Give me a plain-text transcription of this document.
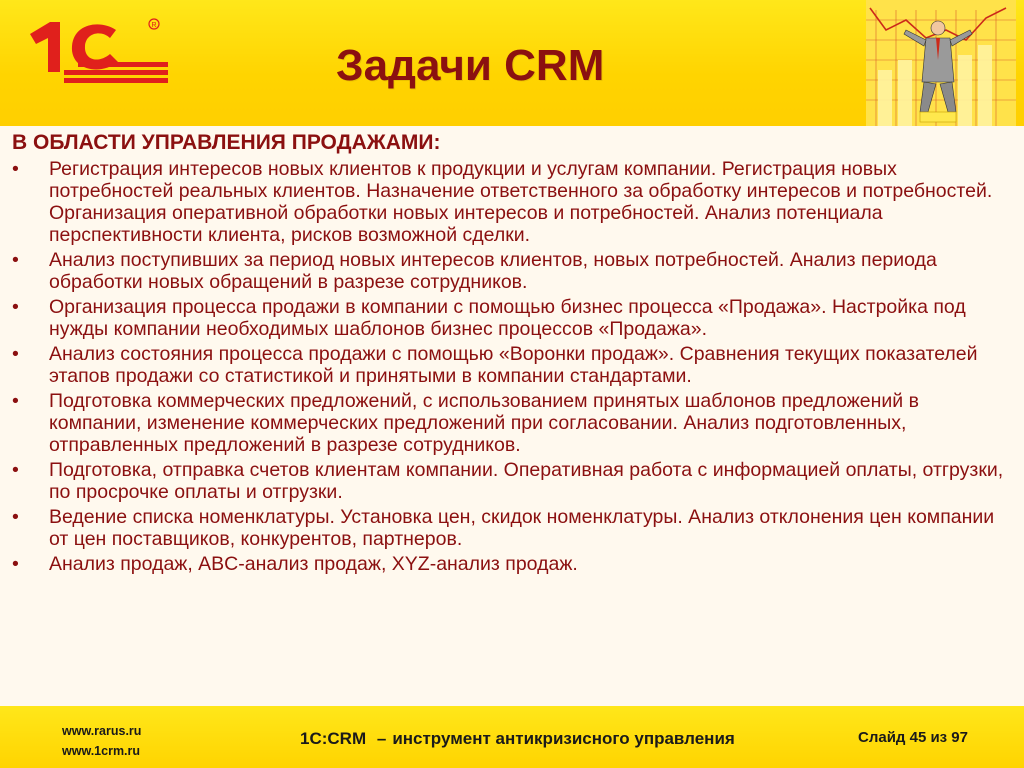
R
Задачи CRM
В ОБЛАСТИ УПРАВЛЕНИЯ ПРОДАЖАМИ:
•	Регистрация интересов новых клиентов к продукции и услугам компании. Регистрация новых потребностей реальных клиентов. Назначение ответственного за обработку интересов и потребностей. Организация оперативной обработки новых интересов и потребностей. Анализ потенциала перспективности клиента, рисков возможной сделки.
•	Анализ поступивших за период новых интересов клиентов, новых потребностей. Анализ периода обработки новых обращений в разрезе сотрудников.
•	Организация процесса продажи в компании с помощью бизнес процесса «Продажа». Настройка под нужды компании необходимых шаблонов бизнес процессов «Продажа».
•	Анализ состояния процесса продажи с помощью «Воронки продаж». Сравнения текущих показателей этапов продажи со статистикой и принятыми в компании стандартами.
•	Подготовка коммерческих предложений, с использованием принятых шаблонов предложений в компании, изменение коммерческих предложений при согласовании. Анализ подготовленных, отправленных предложений в разрезе сотрудников.
•	Подготовка, отправка счетов клиентам компании. Оперативная работа с информацией оплаты, отгрузки, по просрочке оплаты и отгрузки.
•	Ведение списка номенклатуры. Установка цен, скидок номенклатуры. Анализ отклонения цен компании от цен поставщиков, конкурентов, партнеров.
•	Анализ продаж, ABC-анализ продаж, XYZ-анализ продаж.
www.rarus.ru
www.1crm.ru
1С:CRM – инструмент антикризисного управления	Слайд 45 из 97
